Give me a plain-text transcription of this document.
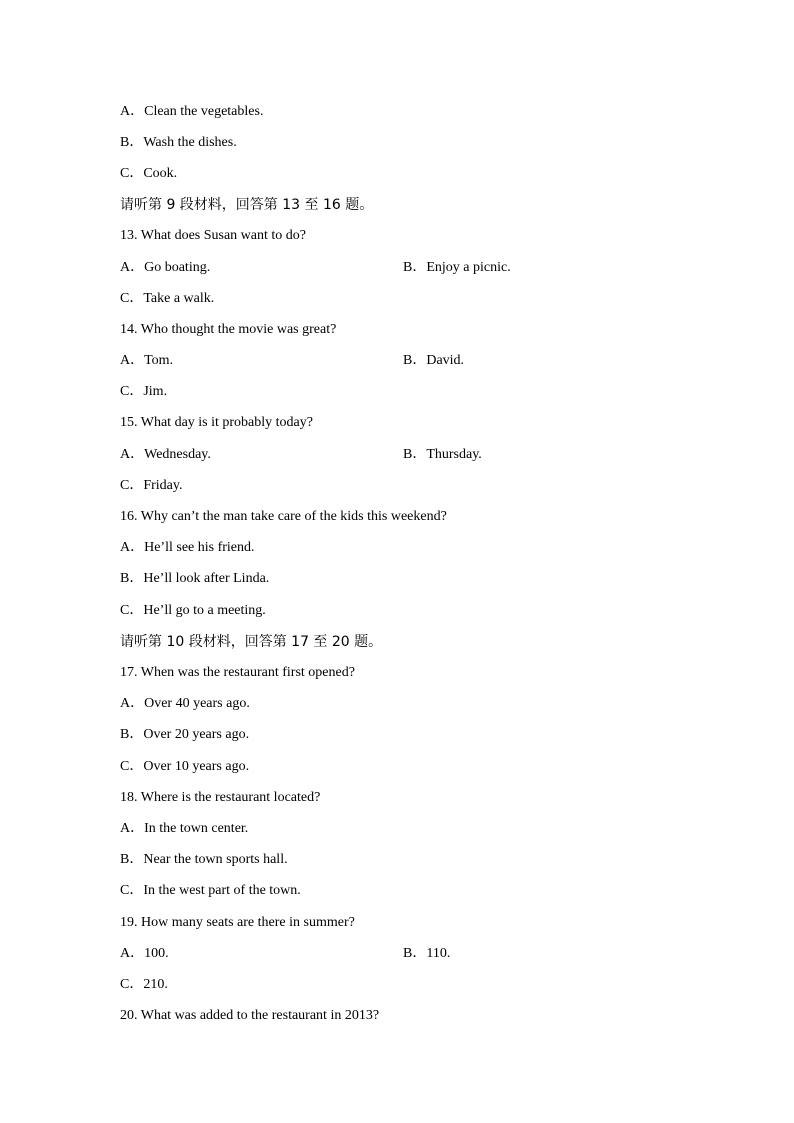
A．Clean the vegetables.
B．Wash the dishes.
C．Cook.
请听第 9 段材料，回答第 13 至 16 题。
13. What does Susan want to do?
A．Go boating.	B．Enjoy a picnic.
C．Take a walk.
14. Who thought the movie was great?
A．Tom.	B．David.
C．Jim.
15. What day is it probably today?
A．Wednesday.	B．Thursday.
C．Friday.
16. Why can’t the man take care of the kids this weekend?
A．He’ll see his friend.
B．He’ll look after Linda.
C．He’ll go to a meeting.
请听第 10 段材料，回答第 17 至 20 题。
17. When was the restaurant first opened?
A．Over 40 years ago.
B．Over 20 years ago.
C．Over 10 years ago.
18. Where is the restaurant located?
A．In the town center.
B．Near the town sports hall.
C．In the west part of the town.
19. How many seats are there in summer?
A．100.	B．110.
C．210.
20. What was added to the restaurant in 2013?
